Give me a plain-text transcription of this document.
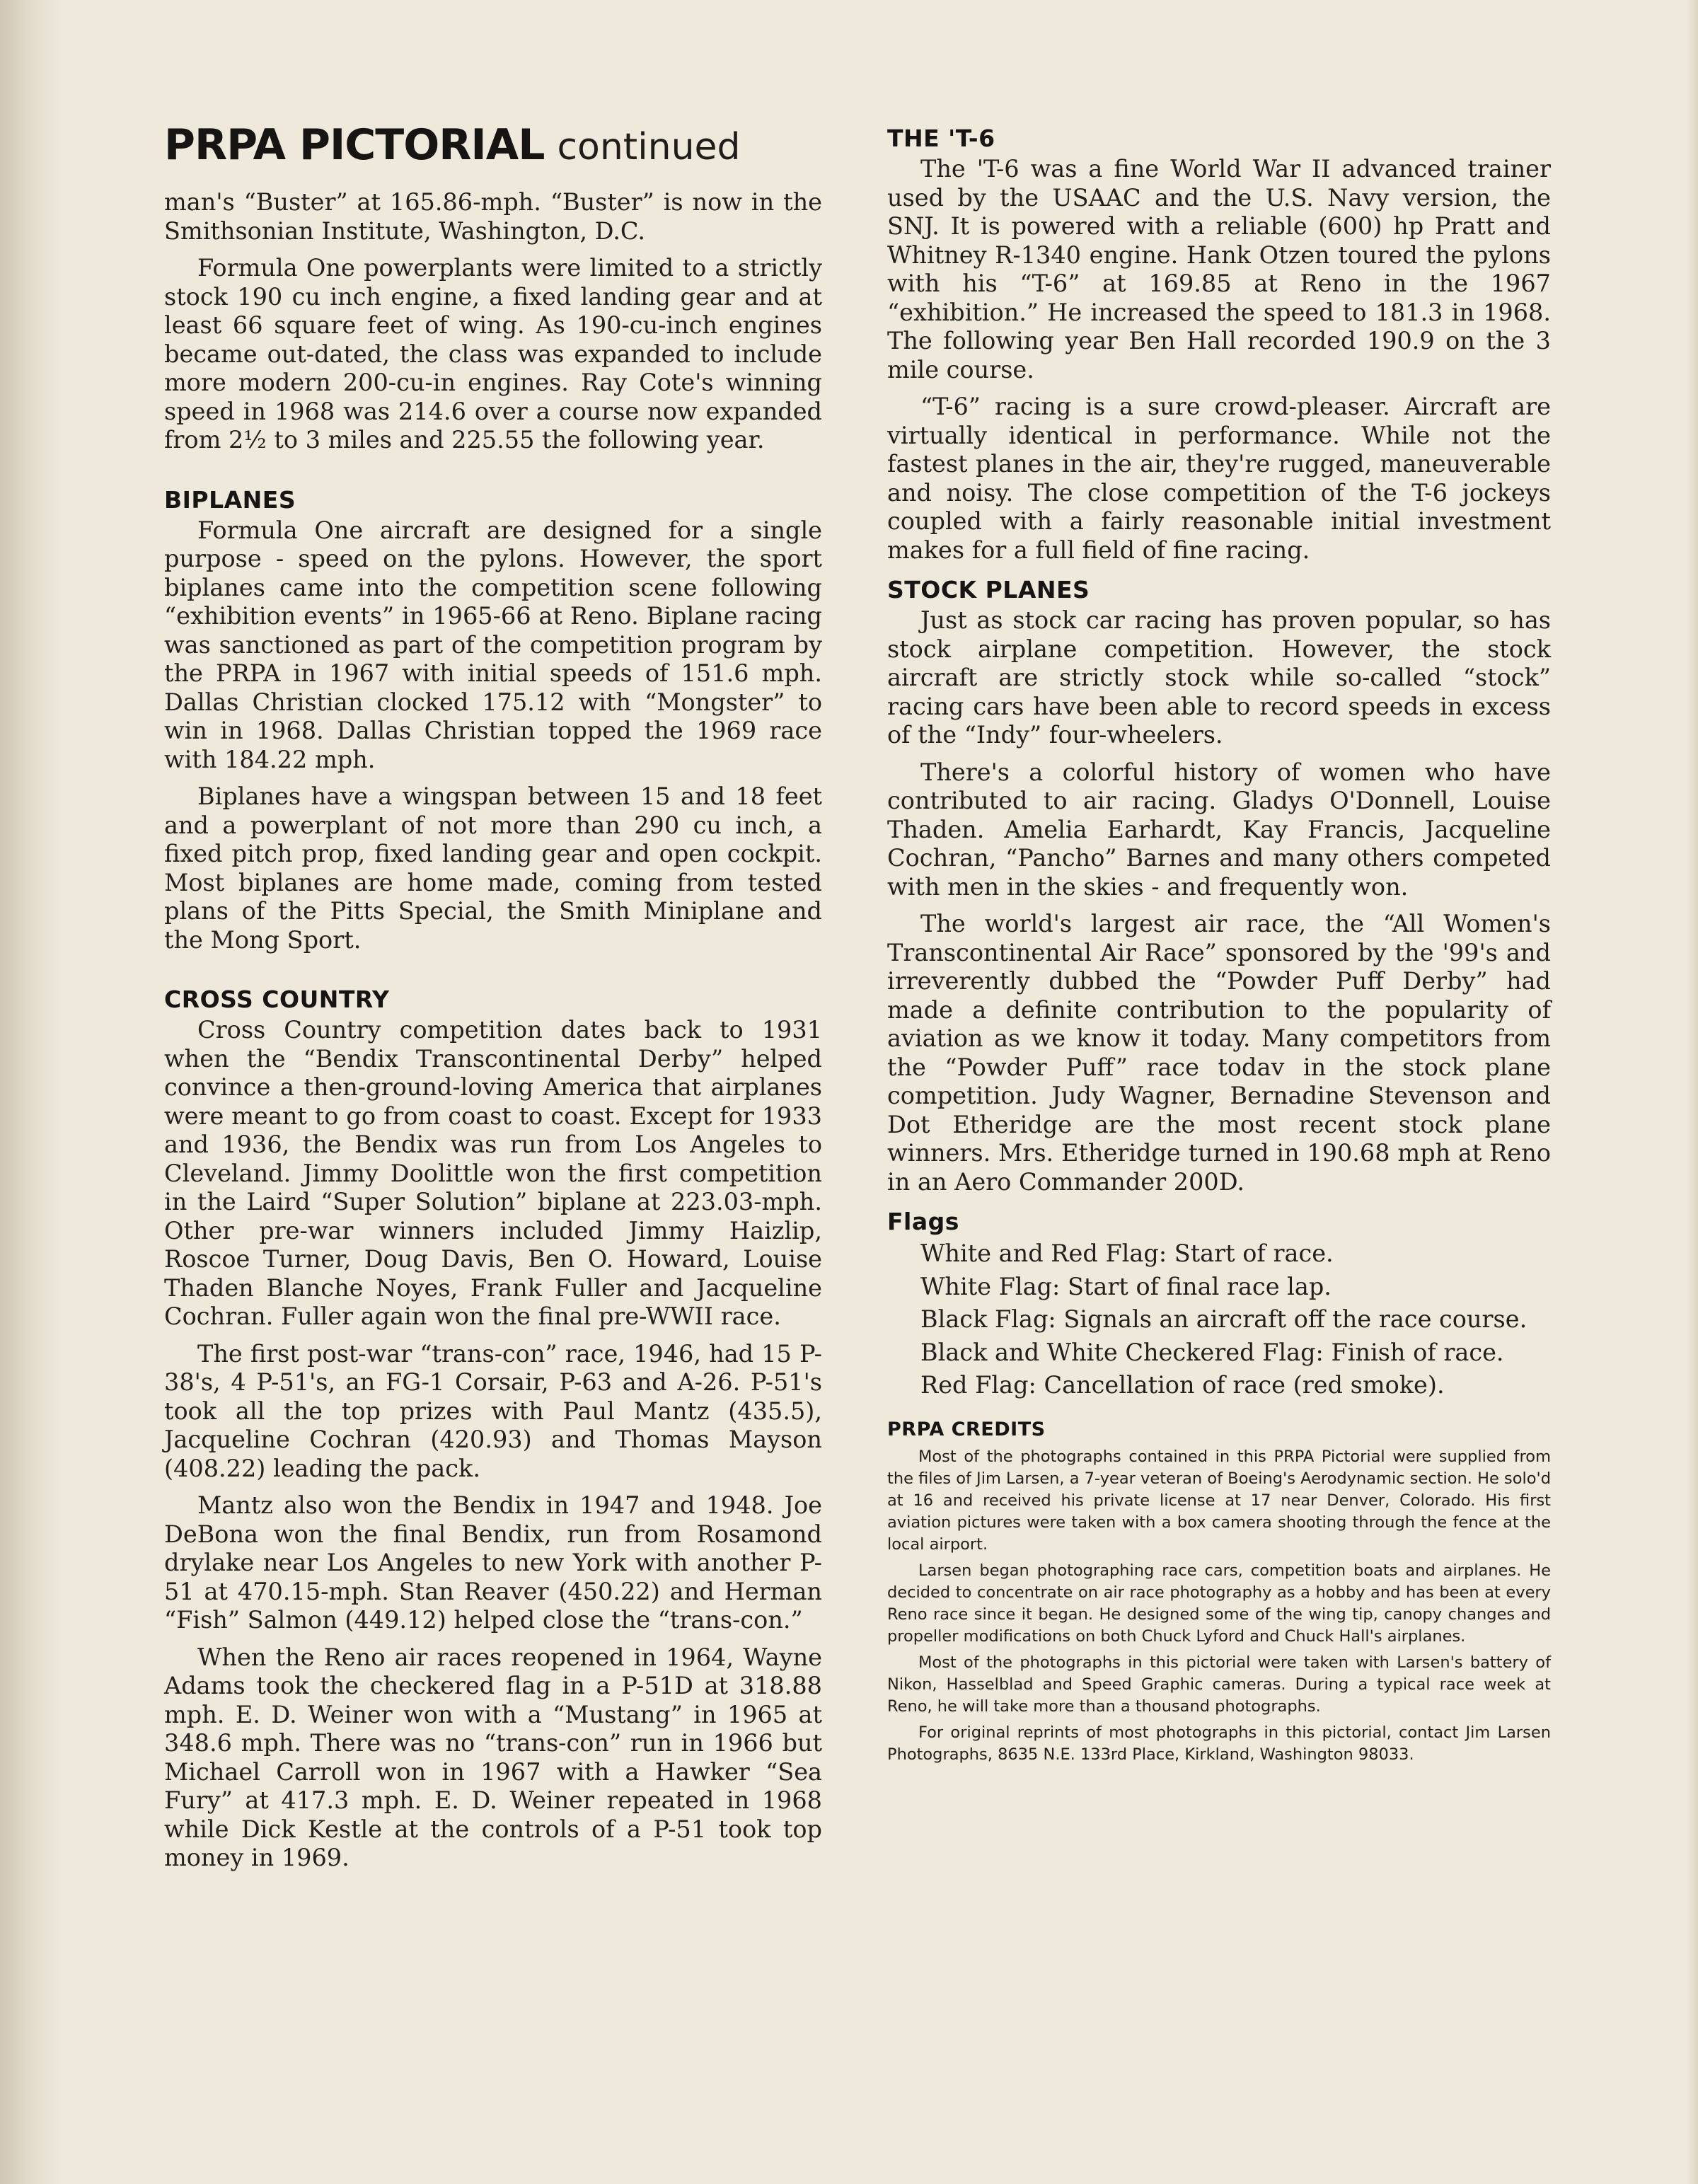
PRPA PICTORIAL continued

man's “Buster” at 165.86-mph. “Buster” is now in the Smithsonian Institute, Washington, D.C.

Formula One powerplants were limited to a strictly stock 190 cu inch engine, a fixed landing gear and at least 66 square feet of wing. As 190-cu-inch engines became out-dated, the class was expanded to include more modern 200-cu-in engines. Ray Cote's winning speed in 1968 was 214.6 over a course now expanded from 2½ to 3 miles and 225.55 the following year.

BIPLANES

Formula One aircraft are designed for a single purpose - speed on the pylons. However, the sport biplanes came into the competition scene following “exhibition events” in 1965-66 at Reno. Biplane racing was sanctioned as part of the competition program by the PRPA in 1967 with initial speeds of 151.6 mph. Dallas Christian clocked 175.12 with “Mongster” to win in 1968. Dallas Christian topped the 1969 race with 184.22 mph.

Biplanes have a wingspan between 15 and 18 feet and a powerplant of not more than 290 cu inch, a fixed pitch prop, fixed landing gear and open cockpit. Most biplanes are home made, coming from tested plans of the Pitts Special, the Smith Miniplane and the Mong Sport.

CROSS COUNTRY

Cross Country competition dates back to 1931 when the “Bendix Transcontinental Derby” helped convince a then-ground-loving America that airplanes were meant to go from coast to coast. Except for 1933 and 1936, the Bendix was run from Los Angeles to Cleveland. Jimmy Doolittle won the first competition in the Laird “Super Solution” biplane at 223.03-mph. Other pre-war winners included Jimmy Haizlip, Roscoe Turner, Doug Davis, Ben O. Howard, Louise Thaden Blanche Noyes, Frank Fuller and Jacqueline Cochran. Fuller again won the final pre-WWII race.

The first post-war “trans-con” race, 1946, had 15 P-38's, 4 P-51's, an FG-1 Corsair, P-63 and A-26. P-51's took all the top prizes with Paul Mantz (435.5), Jacqueline Cochran (420.93) and Thomas Mayson (408.22) leading the pack.

Mantz also won the Bendix in 1947 and 1948. Joe DeBona won the final Bendix, run from Rosamond drylake near Los Angeles to new York with another P-51 at 470.15-mph. Stan Reaver (450.22) and Herman “Fish” Salmon (449.12) helped close the “trans-con.”

When the Reno air races reopened in 1964, Wayne Adams took the checkered flag in a P-51D at 318.88 mph. E. D. Weiner won with a “Mustang” in 1965 at 348.6 mph. There was no “trans-con” run in 1966 but Michael Carroll won in 1967 with a Hawker “Sea Fury” at 417.3 mph. E. D. Weiner repeated in 1968 while Dick Kestle at the controls of a P-51 took top money in 1969.

THE 'T-6

The 'T-6 was a fine World War II advanced trainer used by the USAAC and the U.S. Navy version, the SNJ. It is powered with a reliable (600) hp Pratt and Whitney R-1340 engine. Hank Otzen toured the pylons with his “T-6” at 169.85 at Reno in the 1967 “exhibition.” He increased the speed to 181.3 in 1968. The following year Ben Hall recorded 190.9 on the 3 mile course.

“T-6” racing is a sure crowd-pleaser. Aircraft are virtually identical in performance. While not the fastest planes in the air, they're rugged, maneuverable and noisy. The close competition of the T-6 jockeys coupled with a fairly reasonable initial investment makes for a full field of fine racing.

STOCK PLANES

Just as stock car racing has proven popular, so has stock airplane competition. However, the stock aircraft are strictly stock while so-called “stock” racing cars have been able to record speeds in excess of the “Indy” four-wheelers.

There's a colorful history of women who have contributed to air racing. Gladys O'Donnell, Louise Thaden. Amelia Earhardt, Kay Francis, Jacqueline Cochran, “Pancho” Barnes and many others competed with men in the skies - and frequently won.

The world's largest air race, the “All Women's Transcontinental Air Race” sponsored by the '99's and irreverently dubbed the “Powder Puff Derby” had made a definite contribution to the popularity of aviation as we know it today. Many competitors from the “Powder Puff” race todav in the stock plane competition. Judy Wagner, Bernadine Stevenson and Dot Etheridge are the most recent stock plane winners. Mrs. Etheridge turned in 190.68 mph at Reno in an Aero Commander 200D.

Flags
White and Red Flag: Start of race.
White Flag: Start of final race lap.
Black Flag: Signals an aircraft off the race course.
Black and White Checkered Flag: Finish of race.
Red Flag: Cancellation of race (red smoke).
PRPA CREDITS

Most of the photographs contained in this PRPA Pictorial were supplied from the files of Jim Larsen, a 7-year veteran of Boeing's Aerodynamic section. He solo'd at 16 and received his private license at 17 near Denver, Colorado. His first aviation pictures were taken with a box camera shooting through the fence at the local airport.

Larsen began photographing race cars, competition boats and airplanes. He decided to concentrate on air race photography as a hobby and has been at every Reno race since it began. He designed some of the wing tip, canopy changes and propeller modifications on both Chuck Lyford and Chuck Hall's airplanes.

Most of the photographs in this pictorial were taken with Larsen's battery of Nikon, Hasselblad and Speed Graphic cameras. During a typical race week at Reno, he will take more than a thousand photographs.

For original reprints of most photographs in this pictorial, contact Jim Larsen Photographs, 8635 N.E. 133rd Place, Kirkland, Washington 98033.
